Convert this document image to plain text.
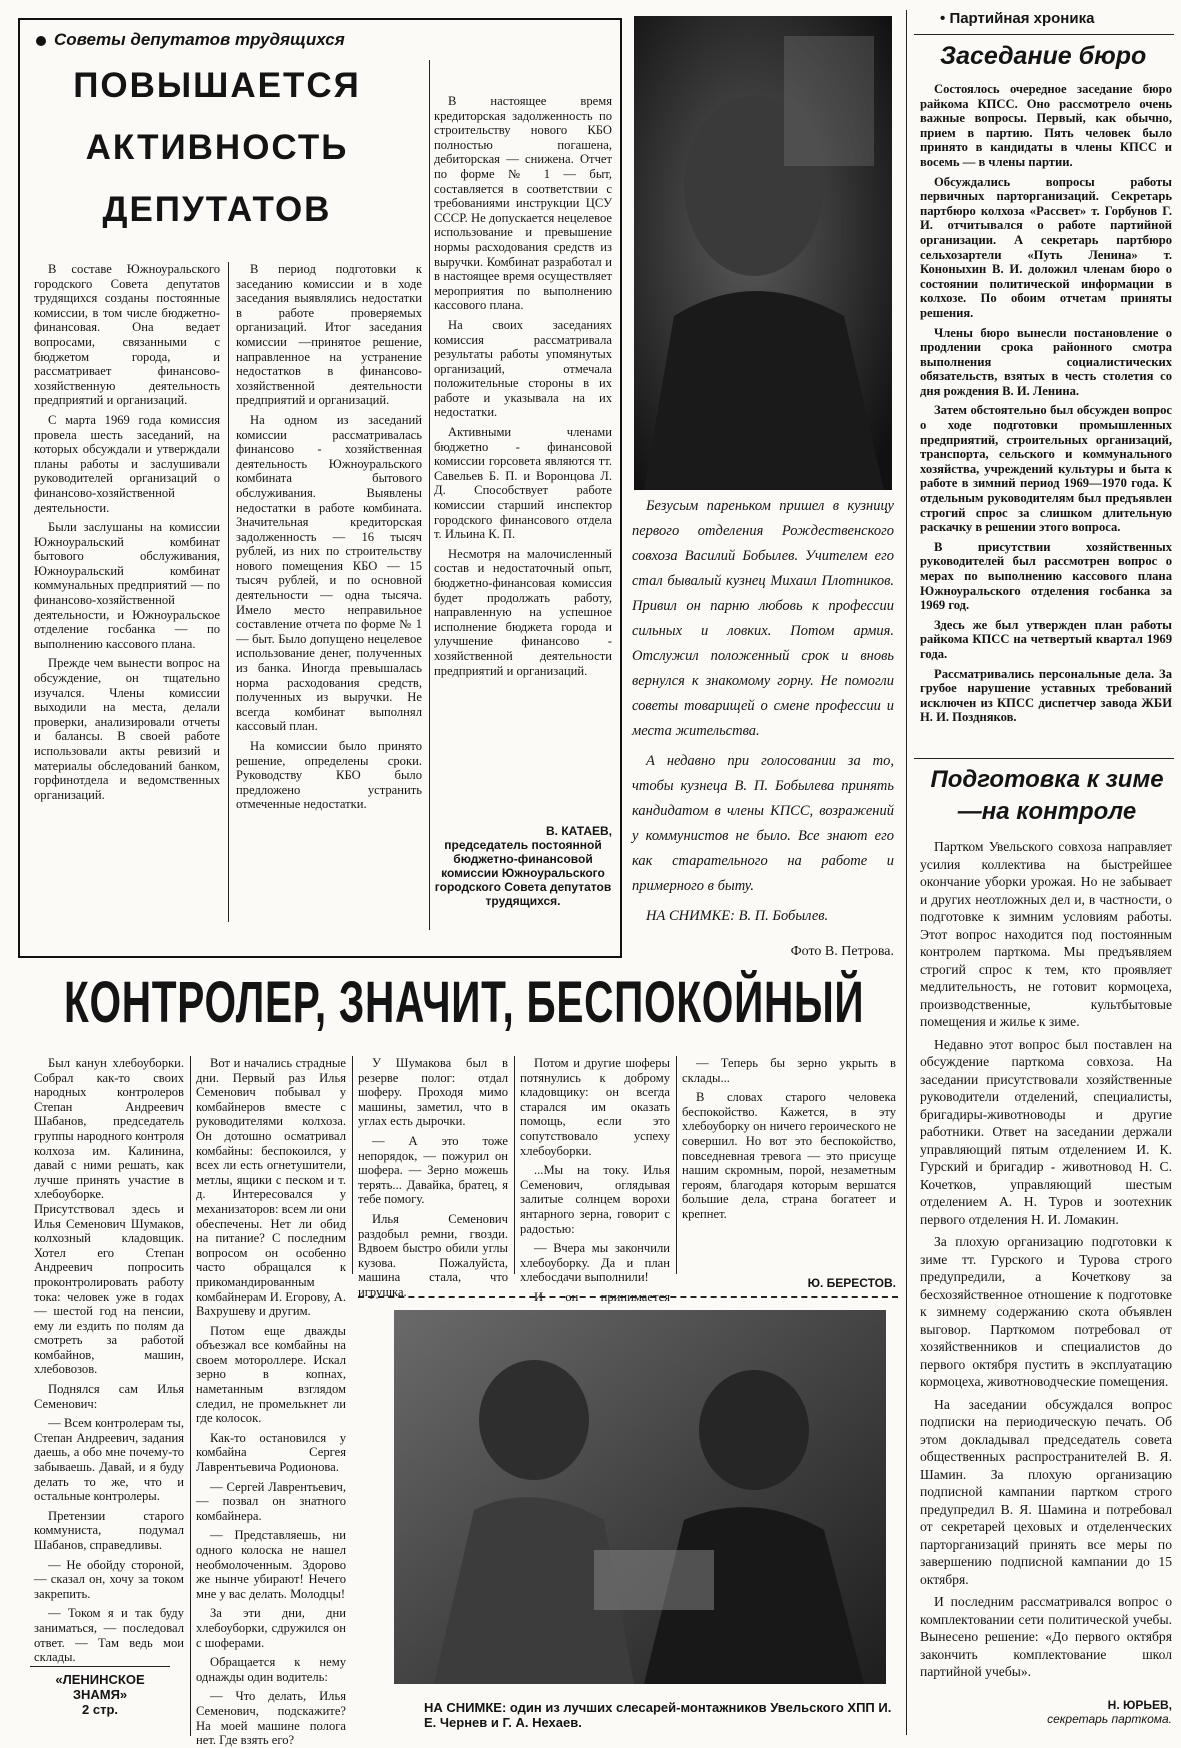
Советы депутатов трудящихся
ПОВЫШАЕТСЯ
АКТИВНОСТЬ
ДЕПУТАТОВ

В составе Южноуральского городского Совета депутатов трудящихся созданы постоянные комиссии, в том числе бюджетно-финансовая. Она ведает вопросами, связанными с бюджетом города, и рассматривает финансово-хозяйственную деятельность предприятий и организаций.

С марта 1969 года комиссия провела шесть заседаний, на которых обсуждали и утверждали планы работы и заслушивали руководителей организаций о финансово-хозяйственной деятельности.

Были заслушаны на комиссии Южноуральский комбинат бытового обслуживания, Южноуральский комбинат коммунальных предприятий — по финансово-хозяйственной деятельности, и Южноуральское отделение госбанка — по выполнению кассового плана.

Прежде чем вынести вопрос на обсуждение, он тщательно изучался. Члены комиссии выходили на места, делали проверки, анализировали отчеты и балансы. В своей работе использовали акты ревизий и материалы обследований банком, горфинотдела и ведомственных организаций.

В период подготовки к заседанию комиссии и в ходе заседания выявлялись недостатки в работе проверяемых организаций. Итог заседания комиссии —принятое решение, направленное на устранение недостатков в финансово-хозяйственной деятельности предприятий и организаций.

На одном из заседаний комиссии рассматривалась финансово - хозяйственная деятельность Южноуральского комбината бытового обслуживания. Выявлены недостатки в работе комбината. Значительная кредиторская задолженность — 16 тысяч рублей, из них по строительству нового помещения КБО — 15 тысяч рублей, и по основной деятельности — одна тысяча. Имело место неправильное составление отчета по форме № 1— быт. Было допущено нецелевое использование денег, полученных из банка. Иногда превышалась норма расходования средств, полученных из выручки. Не всегда комбинат выполнял кассовый план.

На комиссии было принято решение, определены сроки. Руководству КБО было предложено устранить отмеченные недостатки.

В настоящее время кредиторская задолженность по строительству нового КБО полностью погашена, дебиторская — снижена. Отчет по форме № 1 — быт, составляется в соответствии с требованиями инструкции ЦСУ СССР. Не допускается нецелевое использование и превышение нормы расходования средств из выручки. Комбинат разработал и в настоящее время осуществляет мероприятия по выполнению кассового плана.

На своих заседаниях комиссия рассматривала результаты работы упомянутых организаций, отмечала положительные стороны в их работе и указывала на их недостатки.

Активными членами бюджетно - финансовой комиссии горсовета являются тт. Савельев Б. П. и Воронцова Л. Д. Способствует работе комиссии старший инспектор городского финансового отдела т. Ильина К. П.

Несмотря на малочисленный состав и недостаточный опыт, бюджетно-финансовая комиссия будет продолжать работу, направленную на успешное исполнение бюджета города и улучшение финансово - хозяйственной деятельности предприятий и организаций.

В. КАТАЕВ,
председатель постоянной бюджетно-финансовой комиссии Южноуральского городского Совета депутатов трудящихся.

Безусым пареньком пришел в кузницу первого отделения Рождественского совхоза Василий Бобылев. Учителем его стал бывалый кузнец Михаил Плотников. Привил он парню любовь к профессии сильных и ловких. Потом армия. Отслужил положенный срок и вновь вернулся к знакомому горну. Не помогли советы товарищей о смене профессии и места жительства.

А недавно при голосовании за то, чтобы кузнеца В. П. Бобылева принять кандидатом в члены КПСС, возражений у коммунистов не было. Все знают его как старательного на работе и примерного в быту.

НА СНИМКЕ: В. П. Бобылев.

Фото В. Петрова.
• Партийная хроника
Заседание бюро

Состоялось очередное заседание бюро райкома КПСС. Оно рассмотрело очень важные вопросы. Первый, как обычно, прием в партию. Пять человек было принято в кандидаты в члены КПСС и восемь — в члены партии.

Обсуждались вопросы работы первичных парторганизаций. Секретарь партбюро колхоза «Рассвет» т. Горбунов Г. И. отчитывался о работе партийной организации. А секретарь партбюро сельхозартели «Путь Ленина» т. Кононыхин В. И. доложил членам бюро о состоянии политической информации в колхозе. По обоим отчетам приняты решения.

Члены бюро вынесли постановление о продлении срока районного смотра выполнения социалистических обязательств, взятых в честь столетия со дня рождения В. И. Ленина.

Затем обстоятельно был обсужден вопрос о ходе подготовки промышленных предприятий, строительных организаций, транспорта, сельского и коммунального хозяйства, учреждений культуры и быта к работе в зимний период 1969—1970 года. К отдельным руководителям был предъявлен строгий спрос за слишком длительную раскачку в решении этого вопроса.

В присутствии хозяйственных руководителей был рассмотрен вопрос о мерах по выполнению кассового плана Южноуральского отделения госбанка за 1969 год.

Здесь же был утвержден план работы райкома КПСС на четвертый квартал 1969 года.

Рассматривались персональные дела. За грубое нарушение уставных требований исключен из КПСС диспетчер завода ЖБИ Н. И. Поздняков.

Подготовка к зиме
—на контроле

Партком Увельского совхоза направляет усилия коллектива на быстрейшее окончание уборки урожая. Но не забывает и других неотложных дел и, в частности, о подготовке к зимним условиям работы. Этот вопрос находится под постоянным контролем парткома. Мы предъявляем строгий спрос к тем, кто проявляет медлительность, не готовит кормоцеха, производственные, культбытовые помещения и жилье к зиме.

Недавно этот вопрос был поставлен на обсуждение парткома совхоза. На заседании присутствовали хозяйственные руководители отделений, специалисты, бригадиры-животноводы и другие работники. Ответ на заседании держали управляющий пятым отделением И. К. Гурский и бригадир - животновод Н. С. Кочетков, управляющий шестым отделением А. Н. Туров и зоотехник первого отделения Н. И. Ломакин.

За плохую организацию подготовки к зиме тт. Гурского и Турова строго предупредили, а Кочеткову за бесхозяйственное отношение к подготовке к зимнему содержанию скота объявлен выговор. Парткомом потребовал от хозяйственников и специалистов до первого октября пустить в эксплуатацию кормоцеха, животноводческие помещения.

На заседании обсуждался вопрос подписки на периодическую печать. Об этом докладывал председатель совета общественных распространителей В. Я. Шамин. За плохую организацию подписной кампании партком строго предупредил В. Я. Шамина и потребовал от секретарей цеховых и отделенческих парторганизаций принять все меры по завершению подписной кампании до 15 октября.

И последним рассматривался вопрос о комплектовании сети политической учебы. Вынесено решение: «До первого октября закончить комплектование школ партийной учебы».

Н. ЮРЬЕВ,
секретарь парткома.
КОНТРОЛЕР, ЗНАЧИТ, БЕСПОКОЙНЫЙ

Был канун хлебоуборки. Собрал как-то своих народных контролеров Степан Андреевич Шабанов, председатель группы народного контроля колхоза им. Калинина, давай с ними решать, как лучше принять участие в хлебоуборке. Присутствовал здесь и Илья Семенович Шумаков, колхозный кладовщик. Хотел его Степан Андреевич попросить проконтролировать работу тока: человек уже в годах — шестой год на пенсии, ему ли ездить по полям да смотреть за работой комбайнов, машин, хлебовозов.

Поднялся сам Илья Семенович:

— Всем контролерам ты, Степан Андреевич, задания даешь, а обо мне почему-то забываешь. Давай, и я буду делать то же, что и остальные контролеры.

Претензии старого коммуниста, подумал Шабанов, справедливы.

— Не обойду стороной, — сказал он, хочу за током закрепить.

— Током я и так буду заниматься, — последовал ответ. — Там ведь мои склады.

Вот и начались страдные дни. Первый раз Илья Семенович побывал у комбайнеров вместе с руководителями колхоза. Он дотошно осматривал комбайны: беспокоился, у всех ли есть огнетушители, метлы, ящики с песком и т. д. Интересовался у механизаторов: всем ли они обеспечены. Нет ли обид на питание? С последним вопросом он особенно часто обращался к прикомандированным комбайнерам И. Егорову, А. Вахрушеву и другим.

Потом еще дважды объезжал все комбайны на своем мотороллере. Искал зерно в копнах, наметанным взглядом следил, не промелькнет ли где колосок.

Как-то остановился у комбайна Сергея Лаврентьевича Родионова.

— Сергей Лаврентьевич, — позвал он знатного комбайнера.

— Представляешь, ни одного колоска не нашел необмолоченным. Здорово же нынче убирают! Нечего мне у вас делать. Молодцы!

За эти дни, дни хлебоуборки, сдружился он с шоферами.

Обращается к нему однажды один водитель:

— Что делать, Илья Семенович, подскажите? На моей машине полога нет. Где взять его?

У Шумакова был в резерве полог: отдал шоферу. Проходя мимо машины, заметил, что в углах есть дырочки.

— А это тоже непорядок, — пожурил он шофера. — Зерно можешь терять... Давайка, братец, я тебе помогу.

Илья Семенович раздобыл ремни, гвозди. Вдвоем быстро обили углы кузова. Пожалуйста, машина стала, что игрушка.

Потом и другие шоферы потянулись к доброму кладовщику: он всегда старался им оказать помощь, если это сопутствовало успеху хлебоуборки.

...Мы на току. Илья Семенович, оглядывая залитые солнцем ворохи янтарного зерна, говорит с радостью:

— Вчера мы закончили хлебоуборку. Да и план хлебосдачи выполнили!

И он принимается

— Теперь бы зерно укрыть в склады...

В словах старого человека беспокойство. Кажется, в эту хлебоуборку он ничего героического не совершил. Но вот это беспокойство, повседневная тревога — это присуще нашим скромным, порой, незаметным героям, благодаря которым вершатся большие дела, страна богатеет и крепнет.

Ю. БЕРЕСТОВ.
НА СНИМКЕ: один из лучших слесарей-монтажников Увельского ХПП И. Е. Чернев и Г. А. Нехаев.
«ЛЕНИНСКОЕ ЗНАМЯ»
2 стр.
